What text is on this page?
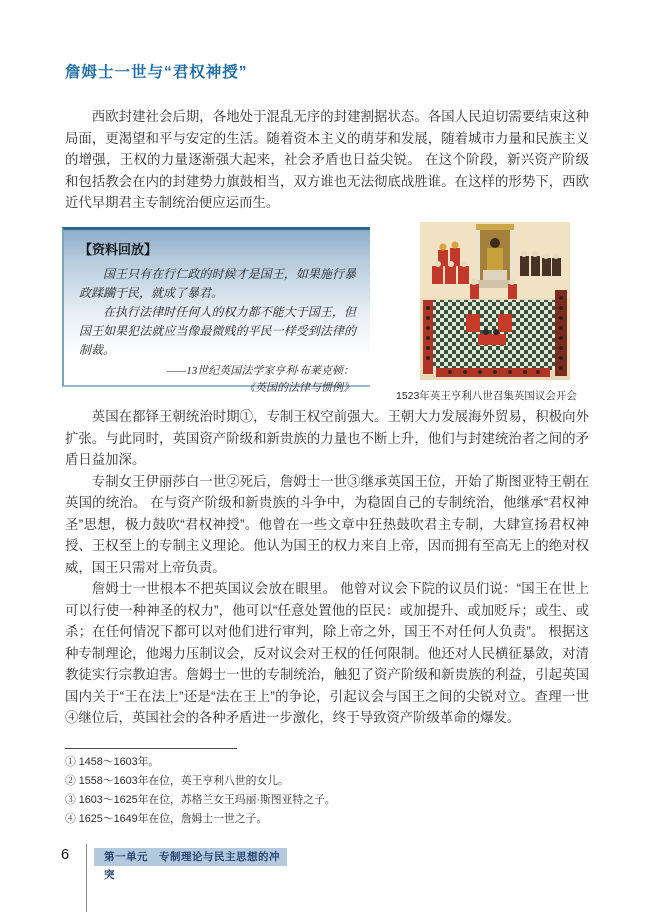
詹姆士一世与“君权神授”

西欧封建社会后期，各地处于混乱无序的封建割据状态。各国人民迫切需要结束这种局面，更渴望和平与安定的生活。随着资本主义的萌芽和发展，随着城市力量和民族主义的增强，王权的力量逐渐强大起来，社会矛盾也日益尖锐。 在这个阶段，新兴资产阶级和包括教会在内的封建势力旗鼓相当，双方谁也无法彻底战胜谁。在这样的形势下，西欧近代早期君主专制统治便应运而生。

【资料回放】

国王只有在行仁政的时候才是国王，如果施行暴政蹂躏于民，就成了暴君。

在执行法律时任何人的权力都不能大于国王，但国王如果犯法就应当像最微贱的平民一样受到法律的制裁。

——13世纪英国法学家亨利·布莱克顿：
《英国的法律与惯例》
1523年英王亨利八世召集英国议会开会

英国在都铎王朝统治时期①，专制王权空前强大。王朝大力发展海外贸易，积极向外扩张。与此同时，英国资产阶级和新贵族的力量也不断上升，他们与封建统治者之间的矛盾日益加深。

专制女王伊丽莎白一世②死后，詹姆士一世③继承英国王位，开始了斯图亚特王朝在英国的统治。 在与资产阶级和新贵族的斗争中，为稳固自己的专制统治，他继承“君权神圣”思想，极力鼓吹“君权神授”。他曾在一些文章中狂热鼓吹君主专制，大肆宣扬君权神授、王权至上的专制主义理论。他认为国王的权力来自上帝，因而拥有至高无上的绝对权威，国王只需对上帝负责。

詹姆士一世根本不把英国议会放在眼里。 他曾对议会下院的议员们说：“国王在世上可以行使一种神圣的权力”，他可以“任意处置他的臣民：或加提升、或加贬斥；或生、或杀；在任何情况下都可以对他们进行审判，除上帝之外，国王不对任何人负责”。 根据这种专制理论，他竭力压制议会，反对议会对王权的任何限制。他还对人民横征暴敛，对清教徒实行宗教迫害。詹姆士一世的专制统治，触犯了资产阶级和新贵族的利益，引起英国国内关于“王在法上”还是“法在王上”的争论，引起议会与国王之间的尖锐对立。查理一世④继位后，英国社会的各种矛盾进一步激化，终于导致资产阶级革命的爆发。

① 1458～1603年。
② 1558～1603年在位，英王亨利八世的女儿。
③ 1603～1625年在位，苏格兰女王玛丽·斯图亚特之子。
④ 1625～1649年在位，詹姆士一世之子。
6	第一单元　专制理论与民主思想的冲突
